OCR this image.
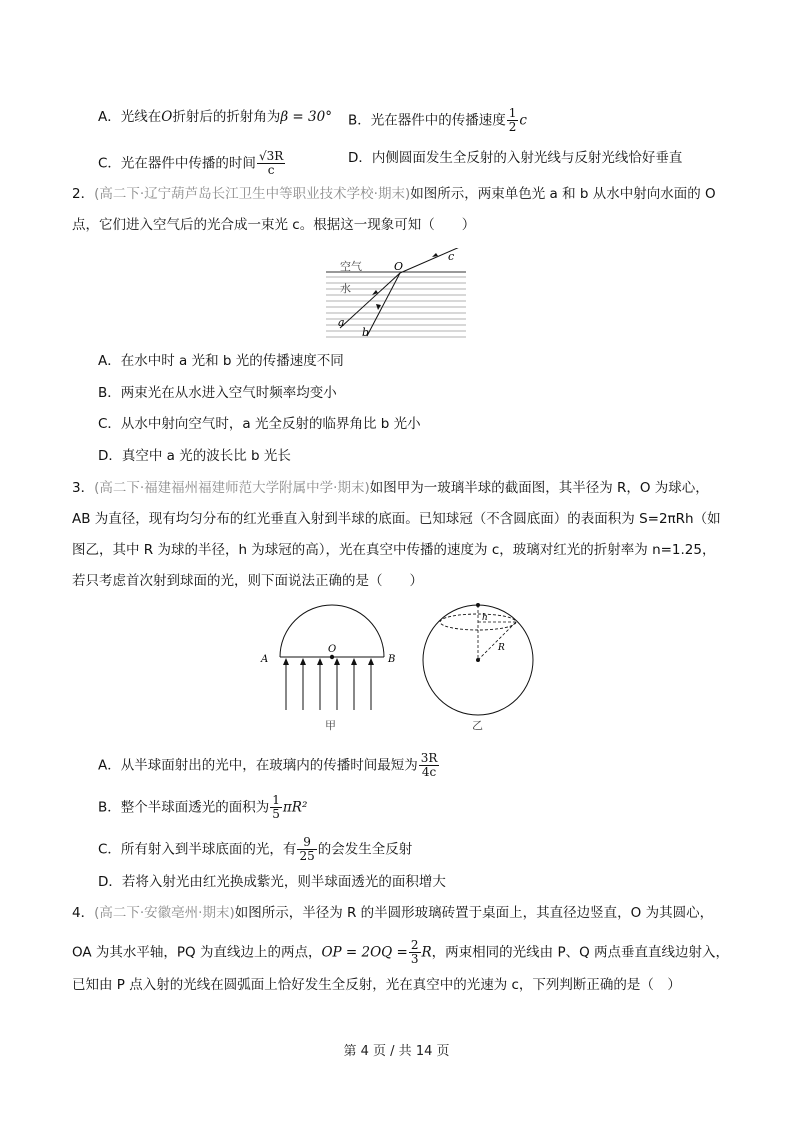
A．光线在O折射后的折射角为β = 30° B．光在器件中的传播速度 $\frac{1}{2}$ c
C．光在器件中传播的时间 $\frac{√3R}{c}$	D．内侧圆面发生全反射的入射光线与反射光线恰好垂直
2．(高二下·辽宁葫芦岛长江卫生中等职业技术学校·期末)如图所示，两束单色光 a 和 b 从水中射向水面的 O
点，它们进入空气后的光合成一束光 c。根据这一现象可知（　　）
空气
水
O
a
b
c
A．在水中时 a 光和 b 光的传播速度不同
B．两束光在从水进入空气时频率均变小
C．从水中射向空气时，a 光全反射的临界角比 b 光小
D．真空中 a 光的波长比 b 光长
3．(高二下·福建福州福建师范大学附属中学·期末)如图甲为一玻璃半球的截面图，其半径为 R，O 为球心，
AB 为直径，现有均匀分布的红光垂直入射到半球的底面。已知球冠（不含圆底面）的表面积为 S=2πRh（如
图乙，其中 R 为球的半径，h 为球冠的高），光在真空中传播的速度为 c，玻璃对红光的折射率为 n=1.25，
若只考虑首次射到球面的光，则下面说法正确的是（　　）
A	B
O
甲
h
R
乙
A．从半球面射出的光中，在玻璃内的传播时间最短为 $\frac{3R}{4c}$
B．整个半球面透光的面积为 $\frac{1}{5} \pi R^2$
C．所有射入到半球底面的光，有 $\frac{9}{25}$ 的会发生全反射
D．若将入射光由红光换成紫光，则半球面透光的面积增大
4．(高二下·安徽亳州·期末)如图所示，半径为 R 的半圆形玻璃砖置于桌面上，其直径边竖直，O 为其圆心，
OA 为其水平轴，PQ 为直线边上的两点，OP = $2OQ = \frac{2}{3}$ R，两束相同的光线由 P、Q 两点垂直直线边射入，
已知由 P 点入射的光线在圆弧面上恰好发生全反射，光在真空中的光速为 c，下列判断正确的是（　）
第 4 页 / 共 14 页
